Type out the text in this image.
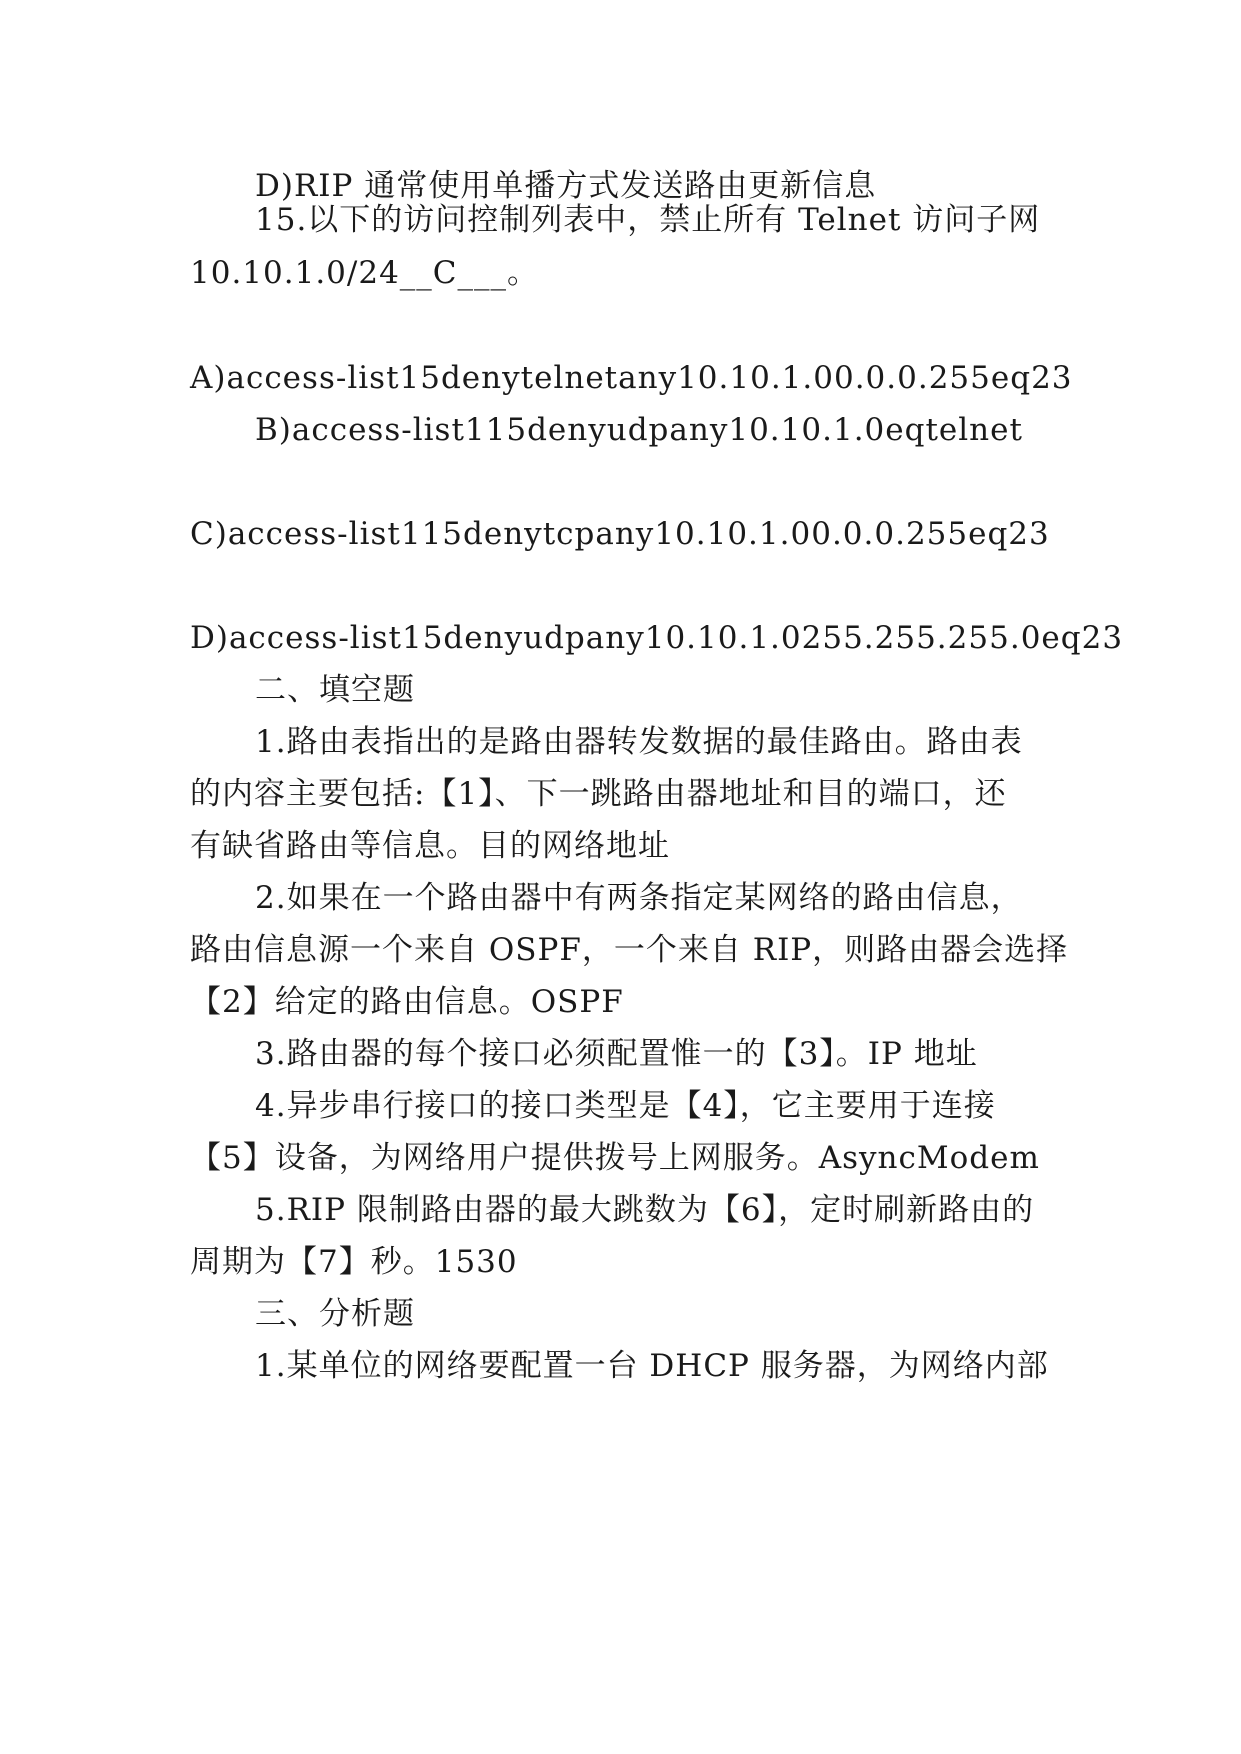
D)RIP 通常使用单播方式发送路由更新信息
15.以下的访问控制列表中，禁止所有 Telnet 访问子网
10.10.1.0/24__C___。
A)access-list15denytelnetany10.10.1.00.0.0.255eq23
B)access-list115denyudpany10.10.1.0eqtelnet
C)access-list115denytcpany10.10.1.00.0.0.255eq23
D)access-list15denyudpany10.10.1.0255.255.255.0eq23
二、填空题
1.路由表指出的是路由器转发数据的最佳路由。路由表
的内容主要包括:【1】、下一跳路由器地址和目的端口，还
有缺省路由等信息。目的网络地址
2.如果在一个路由器中有两条指定某网络的路由信息，
路由信息源一个来自 OSPF，一个来自 RIP，则路由器会选择
【2】给定的路由信息。OSPF
3.路由器的每个接口必须配置惟一的【3】。IP 地址
4.异步串行接口的接口类型是【4】，它主要用于连接
【5】设备，为网络用户提供拨号上网服务。AsyncModem
5.RIP 限制路由器的最大跳数为【6】，定时刷新路由的
周期为【7】秒。1530
三、分析题
1.某单位的网络要配置一台 DHCP 服务器，为网络内部
